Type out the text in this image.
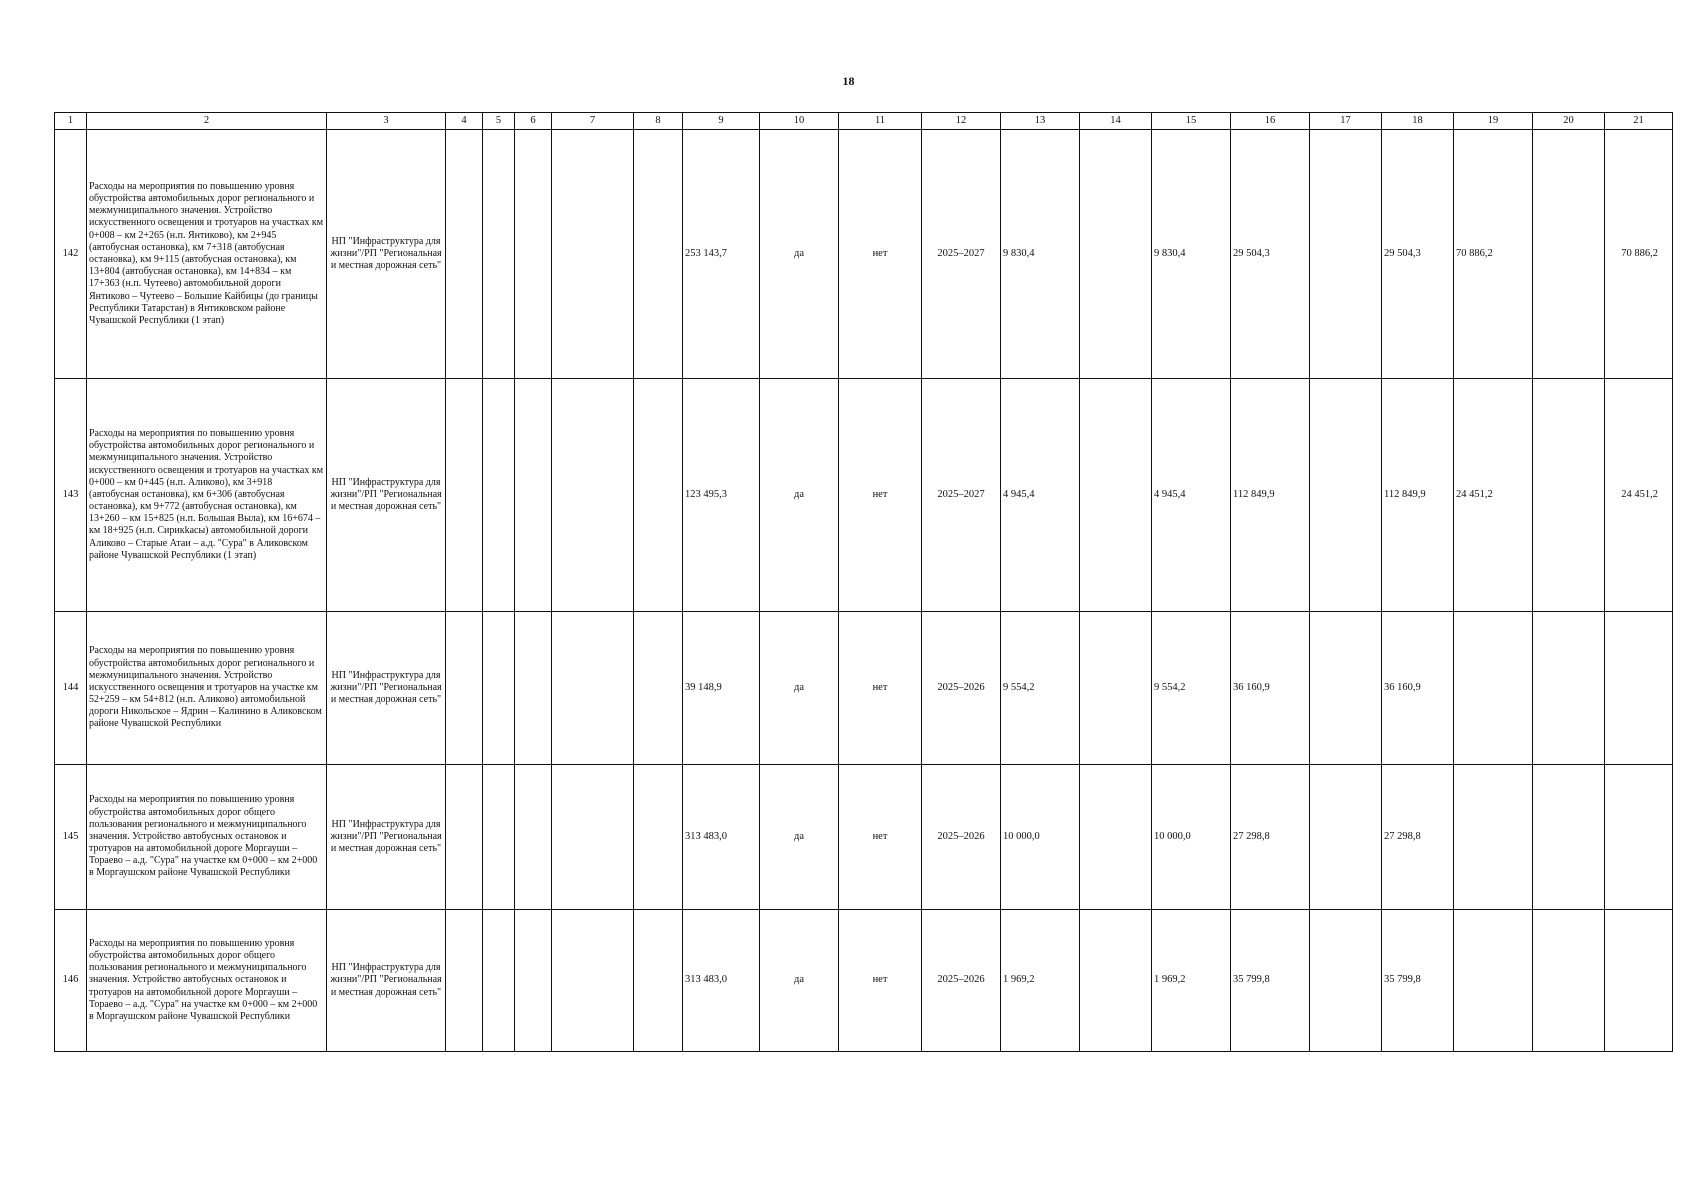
18
1	2	3	4	5	6	7	8	9	10	11	12	13	14	15	16	17	18	19	20	21
142	Расходы на мероприятия по повышению уровня обустройства автомобильных дорог регионального и межмуниципального значения. Устройство искусственного освещения и тротуаров на участках км 0+008 – км 2+265 (н.п. Янтиково), км 2+945 (автобусная остановка), км 7+318 (автобусная остановка), км 9+115 (автобусная остановка), км 13+804 (автобусная остановка), км 14+834 – км 17+363 (н.п. Чутеево) автомобильной дороги Янтиково – Чутеево – Большие Кайбицы (до границы Республики Татарстан) в Янтиковском районе Чувашской Республики (1 этап)	НП "Инфраструктура для жизни"/РП "Региональная и местная дорожная сеть"						253 143,7	да	нет	2025–2027	9 830,4		9 830,4	29 504,3		29 504,3	70 886,2		70 886,2
143	Расходы на мероприятия по повышению уровня обустройства автомобильных дорог регионального и межмуниципального значения. Устройство искусственного освещения и тротуаров на участках км 0+000 – км 0+445 (н.п. Аликово), км 3+918 (автобусная остановка), км 6+306 (автобусная остановка), км 9+772 (автобусная остановка), км 13+260 – км 15+825 (н.п. Большая Выла), км 16+674 – км 18+925 (н.п. Сирикkасы) автомобильной дороги Аликово – Старые Атаи – а.д. "Сура" в Аликовском районе Чувашской Республики (1 этап)	НП "Инфраструктура для жизни"/РП "Региональная и местная дорожная сеть"						123 495,3	да	нет	2025–2027	4 945,4		4 945,4	112 849,9		112 849,9	24 451,2		24 451,2
144	Расходы на мероприятия по повышению уровня обустройства автомобильных дорог регионального и межмуниципального значения. Устройство искусственного освещения и тротуаров на участке км 52+259 – км 54+812 (н.п. Аликово) автомобильной дороги Никольское – Ядрин – Калинино в Аликовском районе Чувашской Республики	НП "Инфраструктура для жизни"/РП "Региональная и местная дорожная сеть"						39 148,9	да	нет	2025–2026	9 554,2		9 554,2	36 160,9		36 160,9			
145	Расходы на мероприятия по повышению уровня обустройства автомобильных дорог общего пользования регионального и межмуниципального значения. Устройство автобусных остановок и тротуаров на автомобильной дороге Моргауши – Тораево – а.д. "Сура" на участке км 0+000 – км 2+000 в Моргаушском районе Чувашской Республики	НП "Инфраструктура для жизни"/РП "Региональная и местная дорожная сеть"						313 483,0	да	нет	2025–2026	10 000,0		10 000,0	27 298,8		27 298,8			
146	Расходы на мероприятия по повышению уровня обустройства автомобильных дорог общего пользования регионального и межмуниципального значения. Устройство автобусных остановок и тротуаров на автомобильной дороге Моргауши – Тораево – а.д. "Сура" на участке км 0+000 – км 2+000 в Моргаушском районе Чувашской Республики	НП "Инфраструктура для жизни"/РП "Региональная и местная дорожная сеть"						313 483,0	да	нет	2025–2026	1 969,2		1 969,2	35 799,8		35 799,8			
